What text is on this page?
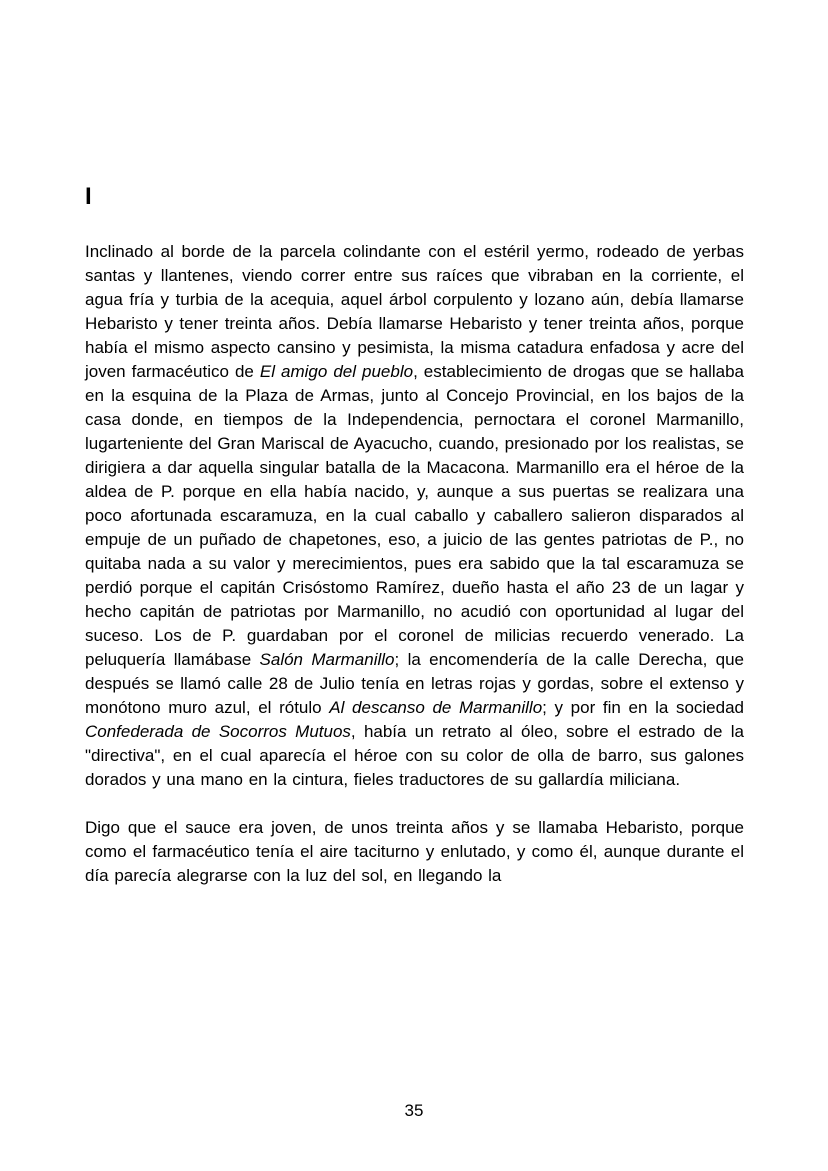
I

Inclinado al borde de la parcela colindante con el estéril yermo, rodeado de yerbas santas y llantenes, viendo correr entre sus raíces que vibraban en la corriente, el agua fría y turbia de la acequia, aquel árbol corpulento y lozano aún, debía llamarse Hebaristo y tener treinta años. Debía llamarse Hebaristo y tener treinta años, porque había el mismo aspecto cansino y pesimista, la misma catadura enfadosa y acre del joven farmacéutico de El amigo del pueblo, establecimiento de drogas que se hallaba en la esquina de la Plaza de Armas, junto al Concejo Provincial, en los bajos de la casa donde, en tiempos de la Independencia, pernoctara el coronel Marmanillo, lugarteniente del Gran Mariscal de Ayacucho, cuando, presionado por los realistas, se dirigiera a dar aquella singular batalla de la Macacona. Marmanillo era el héroe de la aldea de P. porque en ella había nacido, y, aunque a sus puertas se realizara una poco afortunada escaramuza, en la cual caballo y caballero salieron disparados al empuje de un puñado de chapetones, eso, a juicio de las gentes patriotas de P., no quitaba nada a su valor y merecimientos, pues era sabido que la tal escaramuza se perdió porque el capitán Crisóstomo Ramírez, dueño hasta el año 23 de un lagar y hecho capitán de patriotas por Marmanillo, no acudió con oportunidad al lugar del suceso. Los de P. guardaban por el coronel de milicias recuerdo venerado. La peluquería llamábase Salón Marmanillo; la encomendería de la calle Derecha, que después se llamó calle 28 de Julio tenía en letras rojas y gordas, sobre el extenso y monótono muro azul, el rótulo Al descanso de Marmanillo; y por fin en la sociedad Confederada de Socorros Mutuos, había un retrato al óleo, sobre el estrado de la "directiva", en el cual aparecía el héroe con su color de olla de barro, sus galones dorados y una mano en la cintura, fieles traductores de su gallardía miliciana.

Digo que el sauce era joven, de unos treinta años y se llamaba Hebaristo, porque como el farmacéutico tenía el aire taciturno y enlutado, y como él, aunque durante el día parecía alegrarse con la luz del sol, en llegando la

35
